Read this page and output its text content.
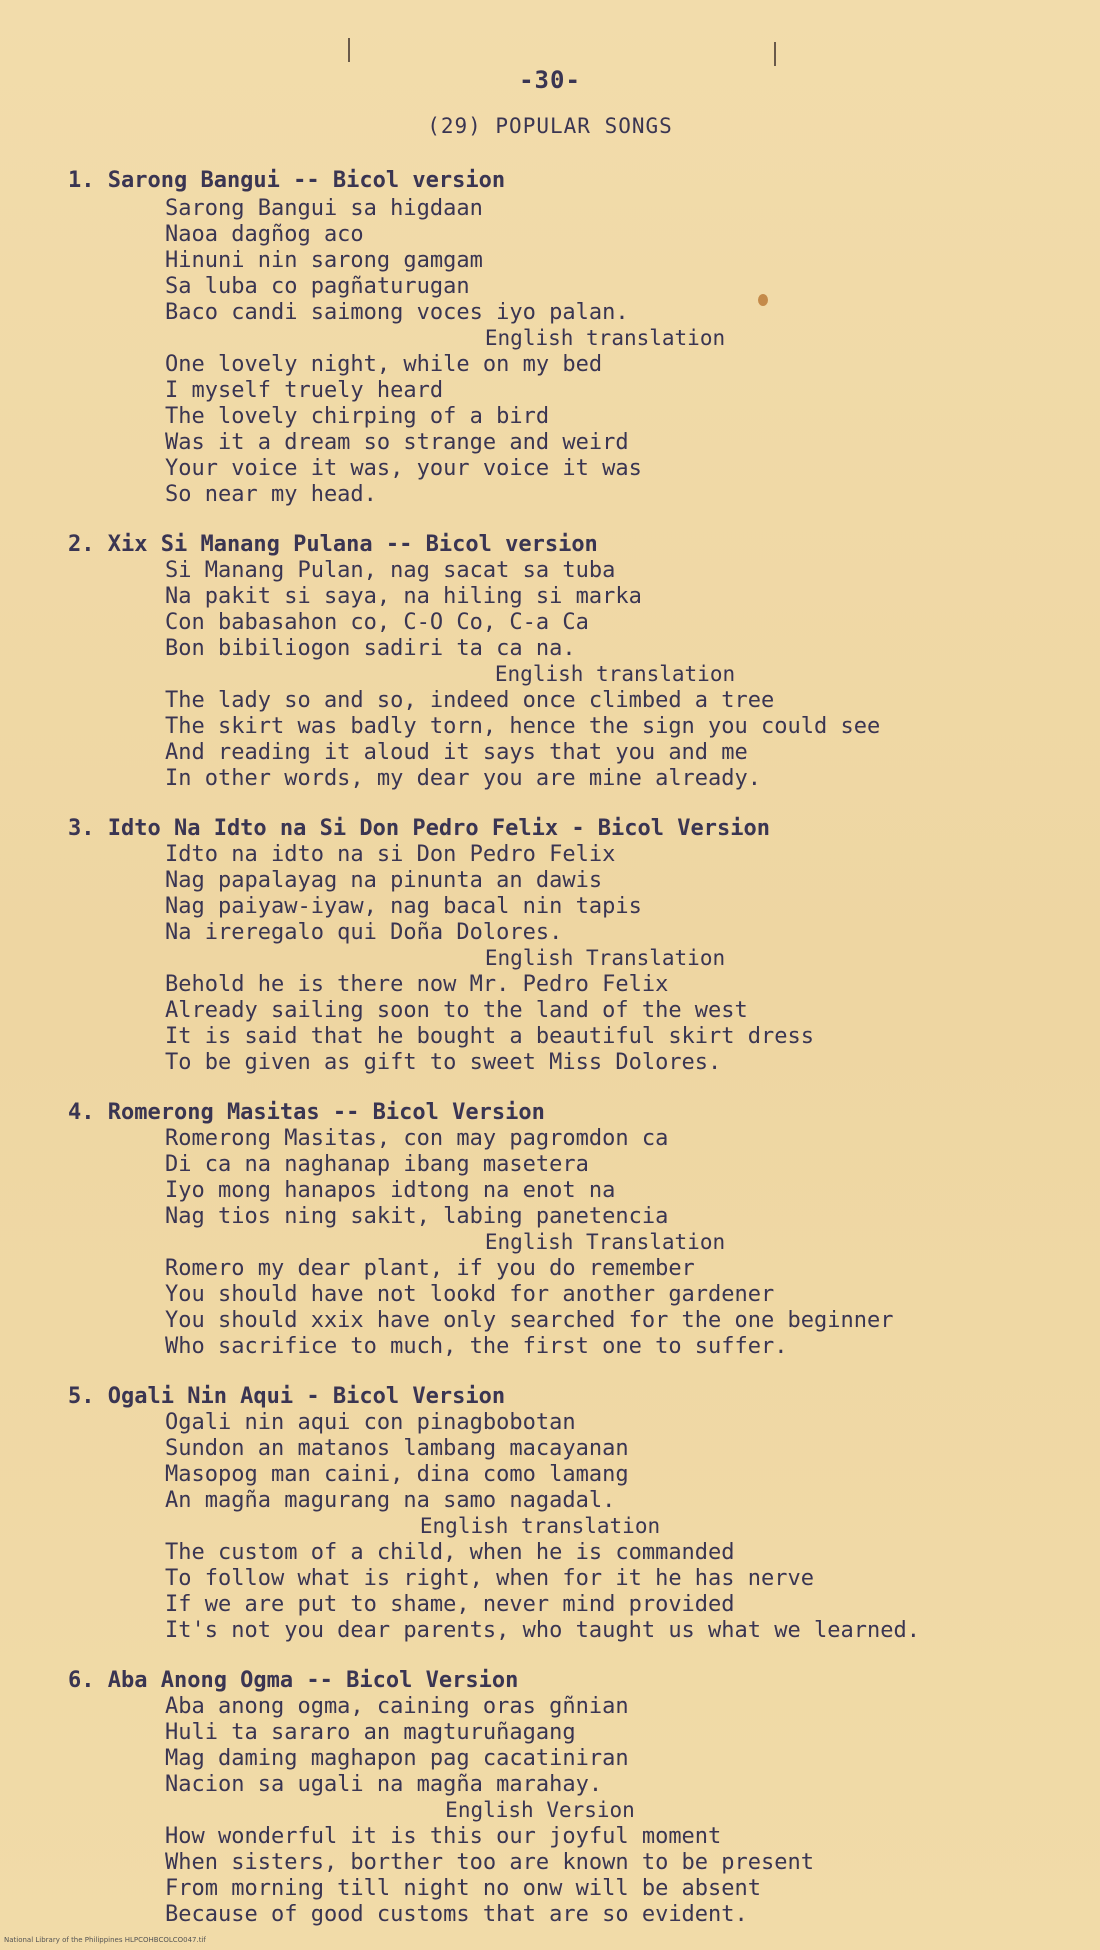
-30-
(29) POPULAR SONGS
1. Sarong Bangui -- Bicol version
Sarong Bangui sa higdaan
Naoa dagñog aco
Hinuni nin sarong gamgam
Sa luba co pagñaturugan
Baco candi saimong voces iyo palan.
English translation
One lovely night, while on my bed
I myself truely heard
The lovely chirping of a bird
Was it a dream so strange and weird
Your voice it was, your voice it was
So near my head.
2. Xix Si Manang Pulana -- Bicol version
Si Manang Pulan, nag sacat sa tuba
Na pakit si saya, na hiling si marka
Con babasahon co, C-O Co, C-a Ca
Bon bibiliogon sadiri ta ca na.
English translation
The lady so and so, indeed once climbed a tree
The skirt was badly torn, hence the sign you could see
And reading it aloud it says that you and me
In other words, my dear you are mine already.
3. Idto Na Idto na Si Don Pedro Felix - Bicol Version
Idto na idto na si Don Pedro Felix
Nag papalayag na pinunta an dawis
Nag paiyaw-iyaw, nag bacal nin tapis
Na ireregalo qui Doña Dolores.
English Translation
Behold he is there now Mr. Pedro Felix
Already sailing soon to the land of the west
It is said that he bought a beautiful skirt dress
To be given as gift to sweet Miss Dolores.
4. Romerong Masitas -- Bicol Version
Romerong Masitas, con may pagromdon ca
Di ca na naghanap ibang masetera
Iyo mong hanapos idtong na enot na
Nag tios ning sakit, labing panetencia
English Translation
Romero my dear plant, if you do remember
You should have not lookd for another gardener
You should xxix have only searched for the one beginner
Who sacrifice to much, the first one to suffer.
5. Ogali Nin Aqui - Bicol Version
Ogali nin aqui con pinagbobotan
Sundon an matanos lambang macayanan
Masopog man caini, dina como lamang
An magña magurang na samo nagadal.
English translation
The custom of a child, when he is commanded
To follow what is right, when for it he has nerve
If we are put to shame, never mind provided
It's not you dear parents, who taught us what we learned.
6. Aba Anong Ogma -- Bicol Version
Aba anong ogma, caining oras gñnian
Huli ta sararo an magturuñagang
Mag daming maghapon pag cacatiniran
Nacion sa ugali na magña marahay.
English Version
How wonderful it is this our joyful moment
When sisters, borther too are known to be present
From morning till night no onw will be absent
Because of good customs that are so evident.
National Library of the Philippines HLPCOHBCOLCO047.tif
